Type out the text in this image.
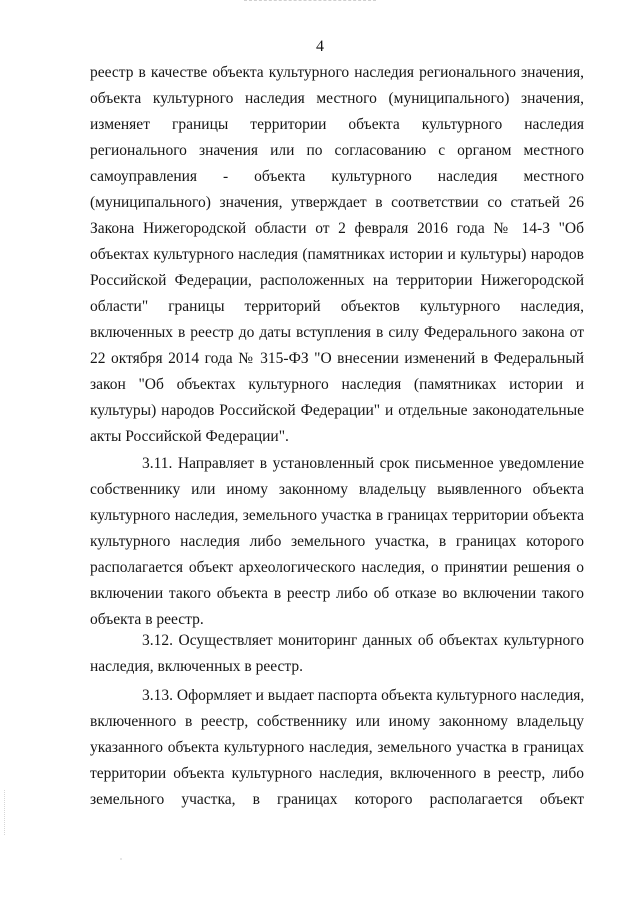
4
реестр в качестве объекта культурного наследия регионального значения,
объекта культурного наследия местного (муниципального) значения,
изменяет границы территории объекта культурного наследия
регионального значения или по согласованию с органом местного
самоуправления - объекта культурного наследия местного
(муниципального) значения, утверждает в соответствии со статьей 26
Закона Нижегородской области от 2 февраля 2016 года № 14-З "Об
объектах культурного наследия (памятниках истории и культуры) народов
Российской Федерации, расположенных на территории Нижегородской
области" границы территорий объектов культурного наследия,
включенных в реестр до даты вступления в силу Федерального закона от
22 октября 2014 года № 315-ФЗ "О внесении изменений в Федеральный
закон "Об объектах культурного наследия (памятниках истории и
культуры) народов Российской Федерации" и отдельные законодательные
акты Российской Федерации".
3.11. Направляет в установленный срок письменное уведомление
собственнику или иному законному владельцу выявленного объекта
культурного наследия, земельного участка в границах территории объекта
культурного наследия либо земельного участка, в границах которого
располагается объект археологического наследия, о принятии решения о
включении такого объекта в реестр либо об отказе во включении такого
объекта в реестр.
3.12. Осуществляет мониторинг данных об объектах культурного
наследия, включенных в реестр.
3.13. Оформляет и выдает паспорта объекта культурного наследия,
включенного в реестр, собственнику или иному законному владельцу
указанного объекта культурного наследия, земельного участка в границах
территории объекта культурного наследия, включенного в реестр, либо
земельного участка, в границах которого располагается объект
